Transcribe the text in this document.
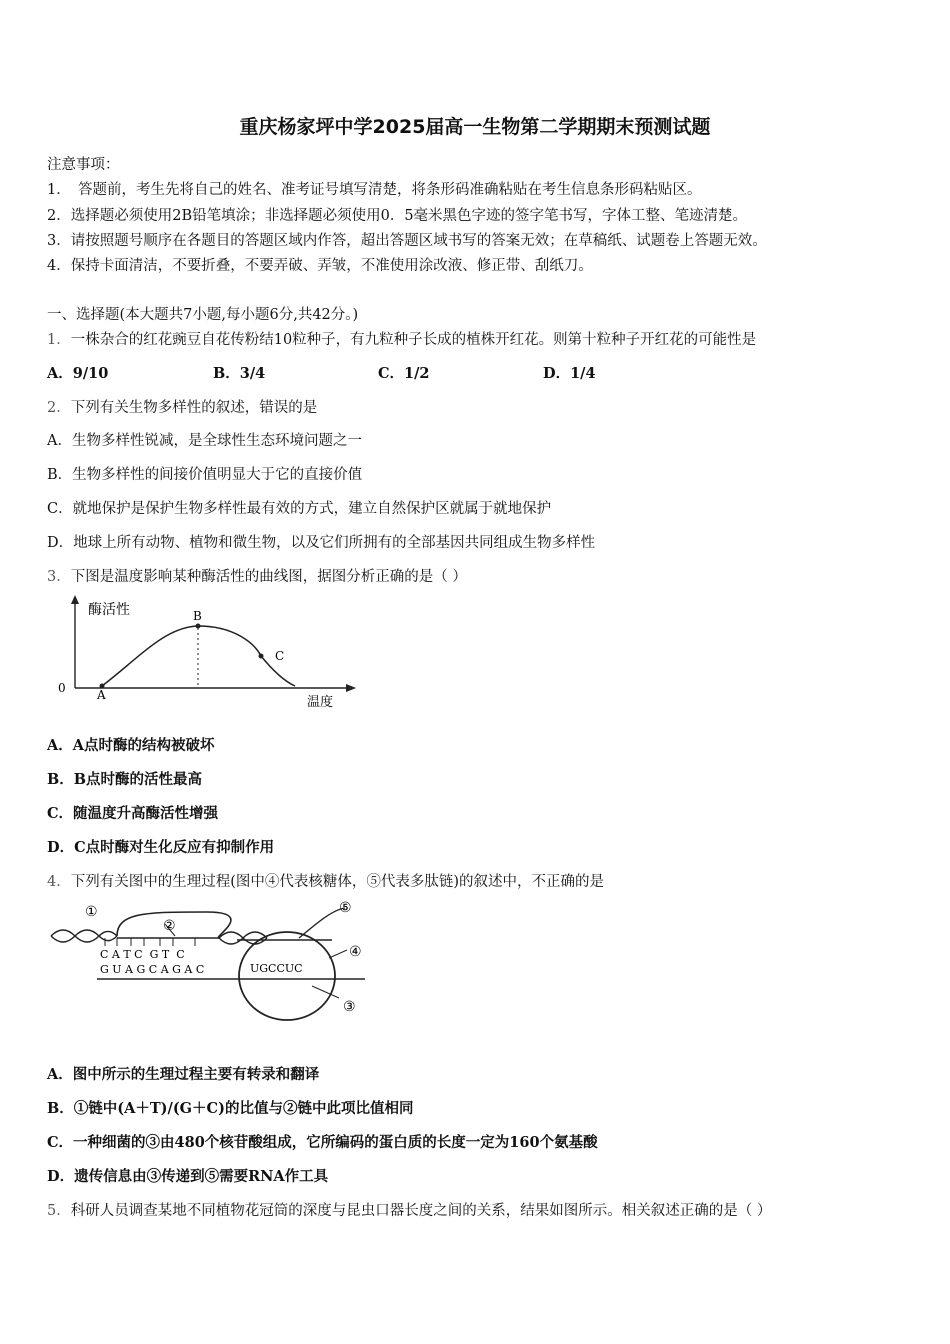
重庆杨家坪中学2025届高一生物第二学期期末预测试题
注意事项：
1．　答题前，考生先将自己的姓名、准考证号填写清楚，将条形码准确粘贴在考生信息条形码粘贴区。
2．选择题必须使用2B铅笔填涂；非选择题必须使用0．5毫米黑色字迹的签字笔书写，字体工整、笔迹清楚。
3．请按照题号顺序在各题目的答题区域内作答，超出答题区域书写的答案无效；在草稿纸、试题卷上答题无效。
4．保持卡面清洁，不要折叠，不要弄破、弄皱，不准使用涂改液、修正带、刮纸刀。
一、选择题(本大题共7小题,每小题6分,共42分。)
1．一株杂合的红花豌豆自花传粉结10粒种子，有九粒种子长成的植株开红花。则第十粒种子开红花的可能性是
A．9/10	B．3/4	C．1/2	D．1/4
2．下列有关生物多样性的叙述，错误的是
A．生物多样性锐减，是全球性生态环境问题之一
B．生物多样性的间接价值明显大于它的直接价值
C．就地保护是保护生物多样性最有效的方式，建立自然保护区就属于就地保护
D．地球上所有动物、植物和微生物，以及它们所拥有的全部基因共同组成生物多样性
3．下图是温度影响某种酶活性的曲线图，据图分析正确的是（ ）
酶活性
温度
0	A
B
C
A．A点时酶的结构被破坏
B．B点时酶的活性最高
C．随温度升高酶活性增强
D．C点时酶对生化反应有抑制作用
4．下列有关图中的生理过程(图中④代表核糖体，⑤代表多肽链)的叙述中，不正确的是
C A T C  G T  C
G U A G C A G A C	UGCCUC
①
②
③
④
⑤
A．图中所示的生理过程主要有转录和翻译
B．①链中(A＋T)/(G＋C)的比值与②链中此项比值相同
C．一种细菌的③由480个核苷酸组成，它所编码的蛋白质的长度一定为160个氨基酸
D．遗传信息由③传递到⑤需要RNA作工具
5．科研人员调查某地不同植物花冠筒的深度与昆虫口器长度之间的关系，结果如图所示。相关叙述正确的是（ ）
